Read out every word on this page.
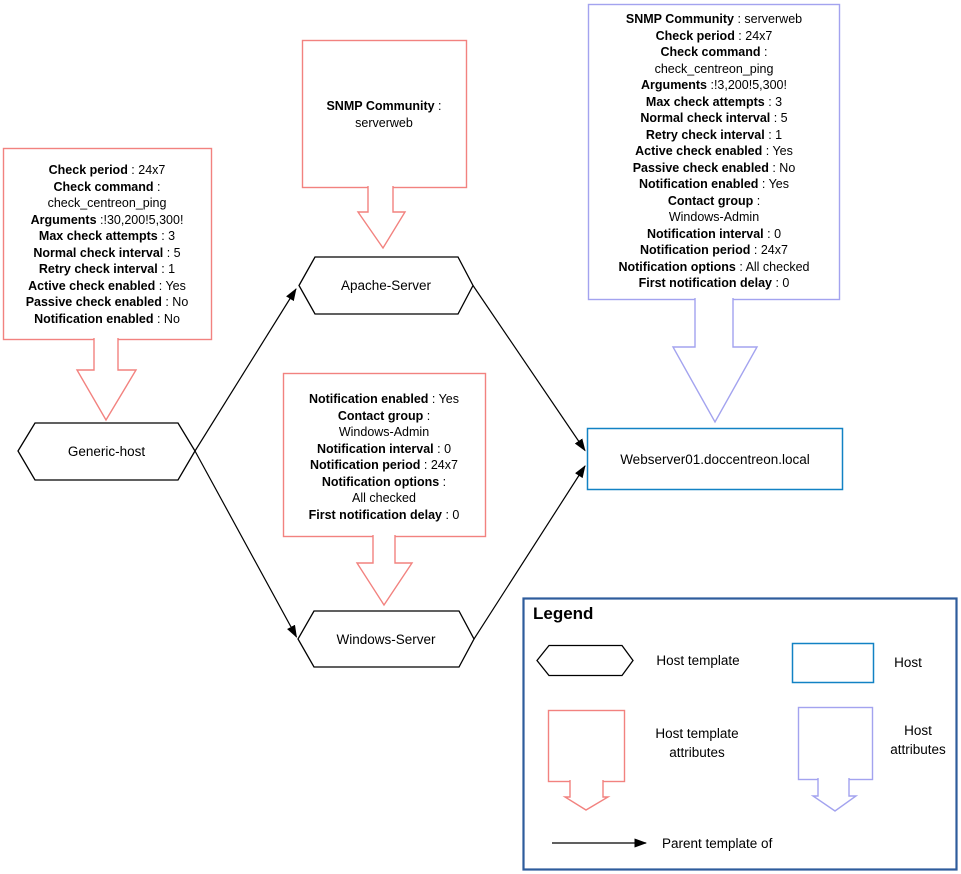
Check period : 24x7
Check command :
check_centreon_ping
Arguments :!30,200!5,300!
Max check attempts : 3
Normal check interval : 5
Retry check interval : 1
Active check enabled : Yes
Passive check enabled : No
Notification enabled : No
SNMP Community :
serverweb
Notification enabled : Yes
Contact group :
Windows-Admin
Notification interval : 0
Notification period : 24x7
Notification options :
All checked
First notification delay : 0
SNMP Community : serverweb
Check period : 24x7
Check command :
check_centreon_ping
Arguments :!3,200!5,300!
Max check attempts : 3
Normal check interval : 5
Retry check interval : 1
Active check enabled : Yes
Passive check enabled : No
Notification enabled : Yes
Contact group :
Windows-Admin
Notification interval : 0
Notification period : 24x7
Notification options : All checked
First notification delay : 0
Generic-host
Apache-Server
Windows-Server
Webserver01.doccentreon.local
Legend
Host template	Host
Host template attributes
Host attributes
Parent template of
